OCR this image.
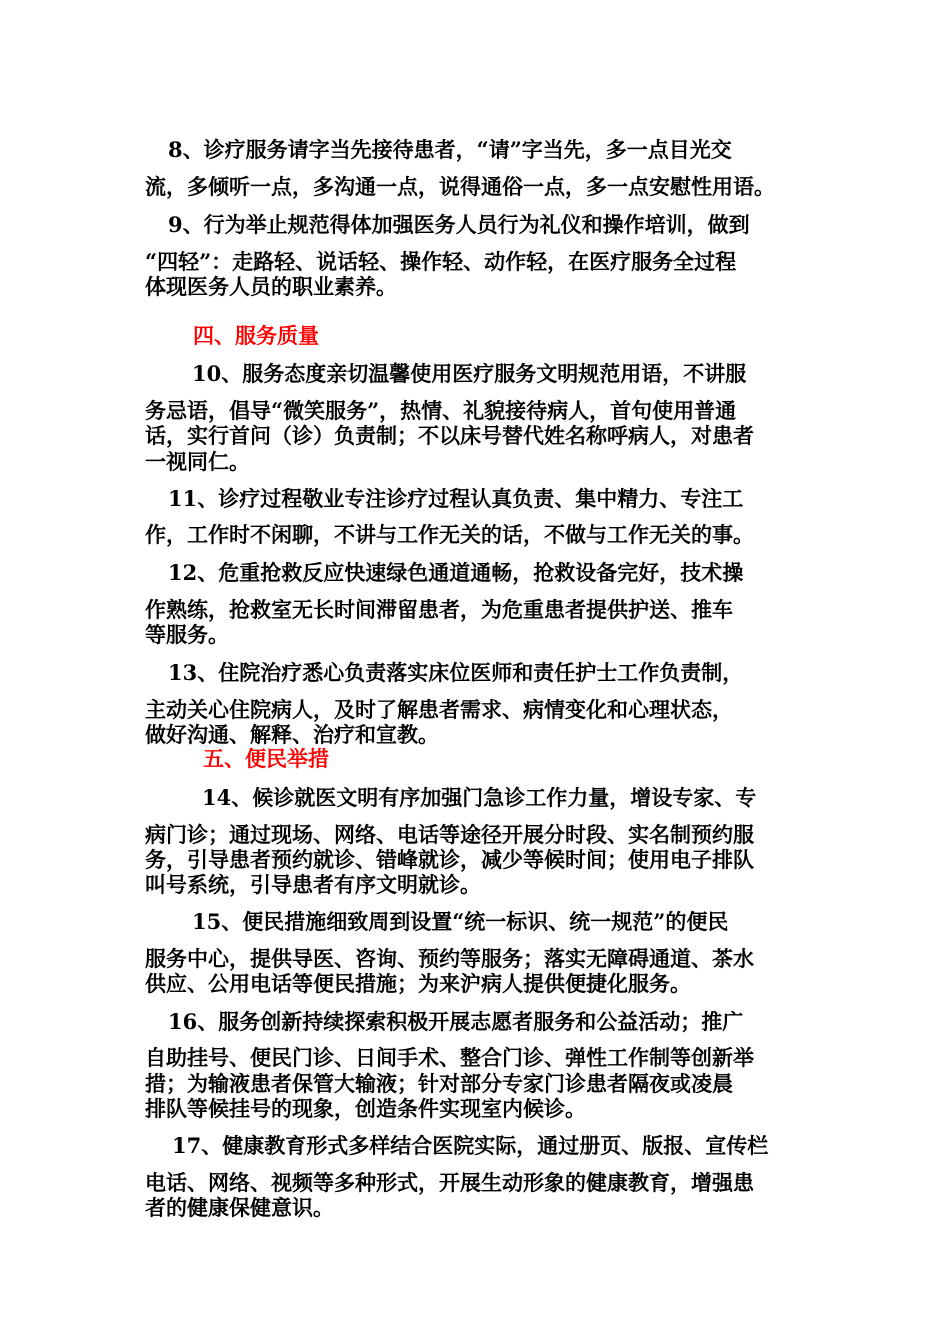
8、诊疗服务请字当先接待患者，“请”字当先，多一点目光交
流，多倾听一点，多沟通一点，说得通俗一点，多一点安慰性用语。
9、行为举止规范得体加强医务人员行为礼仪和操作培训，做到
“四轻”：走路轻、说话轻、操作轻、动作轻，在医疗服务全过程
体现医务人员的职业素养。
四、服务质量
10、服务态度亲切温馨使用医疗服务文明规范用语，不讲服
务忌语，倡导“微笑服务”，热情、礼貌接待病人，首句使用普通
话，实行首问（诊）负责制；不以床号替代姓名称呼病人，对患者
一视同仁。
11、诊疗过程敬业专注诊疗过程认真负责、集中精力、专注工
作，工作时不闲聊，不讲与工作无关的话，不做与工作无关的事。
12、危重抢救反应快速绿色通道通畅，抢救设备完好，技术操
作熟练，抢救室无长时间滞留患者，为危重患者提供护送、推车
等服务。
13、住院治疗悉心负责落实床位医师和责任护士工作负责制，
主动关心住院病人，及时了解患者需求、病情变化和心理状态，
做好沟通、解释、治疗和宣教。
五、便民举措
14、候诊就医文明有序加强门急诊工作力量，增设专家、专
病门诊；通过现场、网络、电话等途径开展分时段、实名制预约服
务，引导患者预约就诊、错峰就诊，减少等候时间；使用电子排队
叫号系统，引导患者有序文明就诊。
15、便民措施细致周到设置“统一标识、统一规范”的便民
服务中心，提供导医、咨询、预约等服务；落实无障碍通道、茶水
供应、公用电话等便民措施；为来沪病人提供便捷化服务。
16、服务创新持续探索积极开展志愿者服务和公益活动；推广
自助挂号、便民门诊、日间手术、整合门诊、弹性工作制等创新举
措；为输液患者保管大输液；针对部分专家门诊患者隔夜或凌晨
排队等候挂号的现象，创造条件实现室内候诊。
17、健康教育形式多样结合医院实际，通过册页、版报、宣传栏
电话、网络、视频等多种形式，开展生动形象的健康教育，增强患
者的健康保健意识。
